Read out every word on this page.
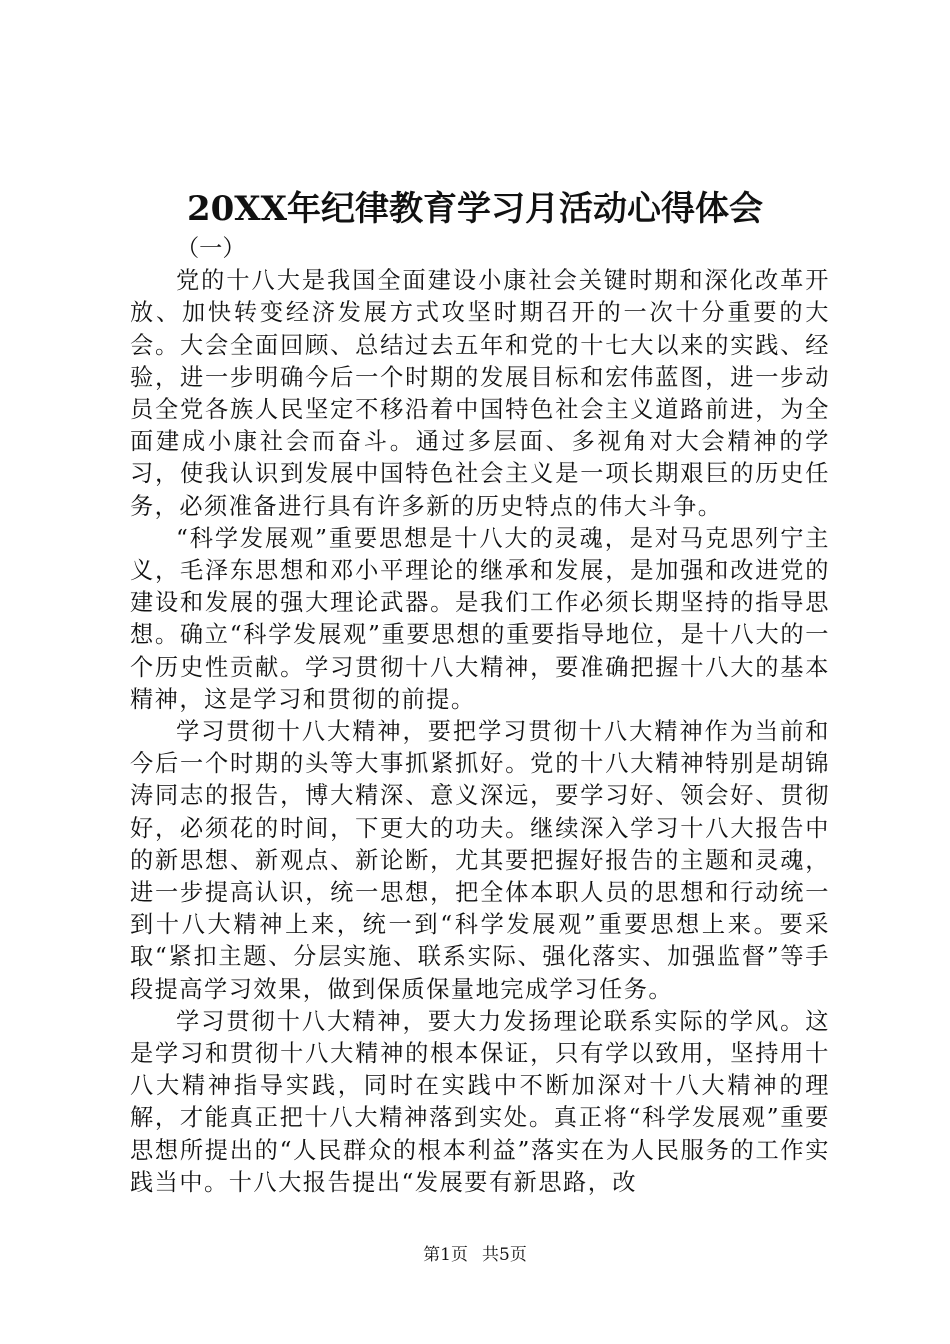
20XX年纪律教育学习月活动心得体会

（一）

党的十八大是我国全面建设小康社会关键时期和深化改革开放、加快转变经济发展方式攻坚时期召开的一次十分重要的大会。大会全面回顾、总结过去五年和党的十七大以来的实践、经验，进一步明确今后一个时期的发展目标和宏伟蓝图，进一步动员全党各族人民坚定不移沿着中国特色社会主义道路前进，为全面建成小康社会而奋斗。通过多层面、多视角对大会精神的学习，使我认识到发展中国特色社会主义是一项长期艰巨的历史任务，必须准备进行具有许多新的历史特点的伟大斗争。

“科学发展观”重要思想是十八大的灵魂，是对马克思列宁主义，毛泽东思想和邓小平理论的继承和发展，是加强和改进党的建设和发展的强大理论武器。是我们工作必须长期坚持的指导思想。确立“科学发展观”重要思想的重要指导地位，是十八大的一个历史性贡献。学习贯彻十八大精神，要准确把握十八大的基本精神，这是学习和贯彻的前提。

学习贯彻十八大精神，要把学习贯彻十八大精神作为当前和今后一个时期的头等大事抓紧抓好。党的十八大精神特别是胡锦涛同志的报告，博大精深、意义深远，要学习好、领会好、贯彻好，必须花的时间，下更大的功夫。继续深入学习十八大报告中的新思想、新观点、新论断，尤其要把握好报告的主题和灵魂，进一步提高认识，统一思想，把全体本职人员的思想和行动统一到十八大精神上来，统一到“科学发展观”重要思想上来。要采取“紧扣主题、分层实施、联系实际、强化落实、加强监督”等手段提高学习效果，做到保质保量地完成学习任务。

学习贯彻十八大精神，要大力发扬理论联系实际的学风。这是学习和贯彻十八大精神的根本保证，只有学以致用，坚持用十八大精神指导实践，同时在实践中不断加深对十八大精神的理解，才能真正把十八大精神落到实处。真正将“科学发展观”重要思想所提出的“人民群众的根本利益”落实在为人民服务的工作实践当中。十八大报告提出“发展要有新思路，改

第1页 共5页
